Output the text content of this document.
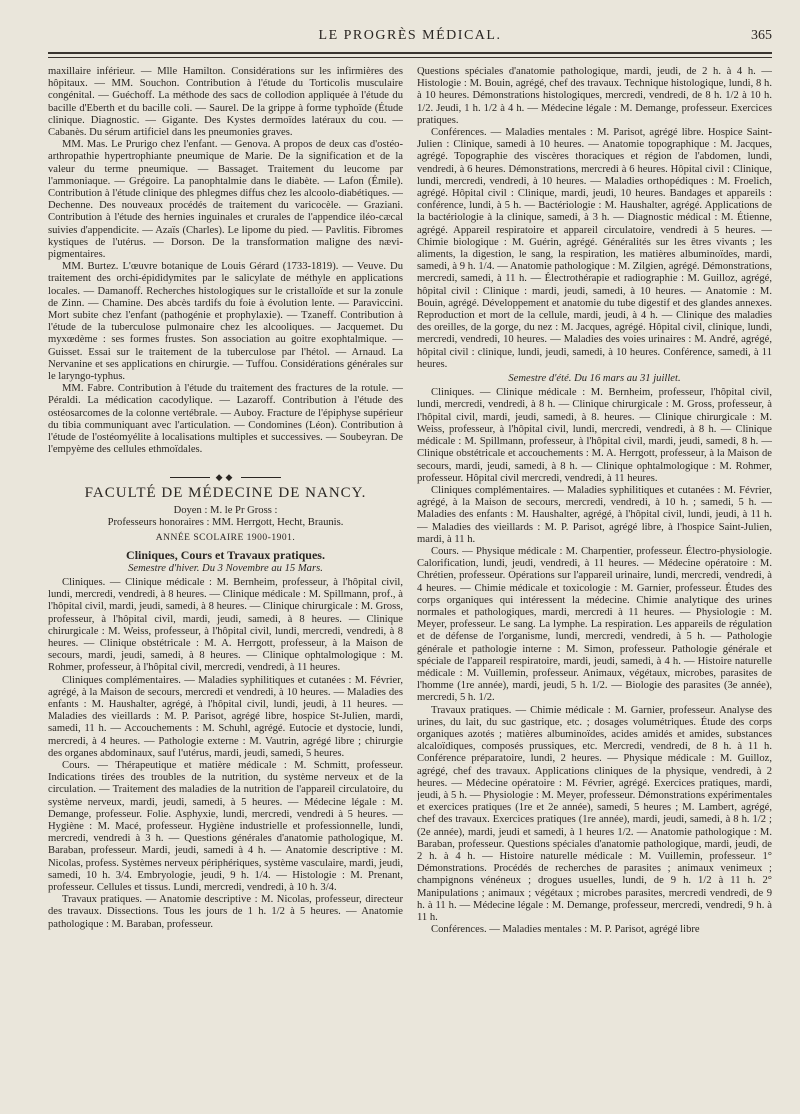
LE PROGRÈS MÉDICAL.	365

maxillaire inférieur. — Mlle Hamilton. Considérations sur les infirmières des hôpitaux. — MM. Souchon. Contribution à l'étude du Torticolis musculaire congénital. — Guéchoff. La méthode des sacs de collodion appliquée à l'étude du bacille d'Eberth et du bacille coli. — Saurel. De la grippe à forme typhoïde (Étude clinique. Diagnostic. — Gigante. Des Kystes dermoïdes latéraux du cou. — Cabanès. Du sérum artificiel dans les pneumonies graves.

MM. Mas. Le Prurigo chez l'enfant. — Genova. A propos de deux cas d'ostéo-arthropathie hypertrophiante pneumique de Marie. De la signification et de la valeur du terme pneumique. — Bassaget. Traitement du leucome par l'ammoniaque. — Grégoire. La panophtalmie dans le diabète. — Lafon (Émile). Contribution à l'étude clinique des phlegmes diffus chez les alcoolo-diabétiques. — Dechenne. Des nouveaux procédés de traitement du varicocèle. — Graziani. Contribution à l'étude des hernies inguinales et crurales de l'appendice iléo-cæcal suivies d'appendicite. — Azaïs (Charles). Le lipome du pied. — Pavlitis. Fibromes kystiques de l'utérus. — Dorson. De la transformation maligne des nævi-pigmentaires.

MM. Burtez. L'œuvre botanique de Louis Gérard (1733-1819). — Veuve. Du traitement des orchi-épididymites par le salicylate de méthyle en applications locales. — Damanoff. Recherches histologiques sur le cristalloïde et sur la zonule de Zinn. — Chamine. Des abcès tardifs du foie à évolution lente. — Paraviccini. Mort subite chez l'enfant (pathogénie et prophylaxie). — Tzaneff. Contribution à l'étude de la tuberculose pulmonaire chez les alcooliques. — Jacquemet. Du myxœdème : ses formes frustes. Son association au goitre exophtalmique. — Guisset. Essai sur le traitement de la tuberculose par l'hétol. — Arnaud. La Nervanine et ses applications en chirurgie. — Tuffou. Considérations générales sur le laryngo-typhus.

MM. Fabre. Contribution à l'étude du traitement des fractures de la rotule. — Péraldi. La médication cacodylique. — Lazaroff. Contribution à l'étude des ostéosarcomes de la colonne vertébrale. — Auboy. Fracture de l'épiphyse supérieur du tibia communiquant avec l'articulation. — Condomines (Léon). Contribution à l'étude de l'ostéomyélite à localisations multiples et successives. — Soubeyran. De l'empyème des cellules ethmoïdales.

◆◆
FACULTÉ DE MÉDECINE DE NANCY.
Doyen : M. le Pr Gross :
Professeurs honoraires : MM. Herrgott, Hecht, Braunis.
ANNÉE SCOLAIRE 1900-1901.
Cliniques, Cours et Travaux pratiques.
Semestre d'hiver. Du 3 Novembre au 15 Mars.

Cliniques. — Clinique médicale : M. Bernheim, professeur, à l'hôpital civil, lundi, mercredi, vendredi, à 8 heures. — Clinique médicale : M. Spillmann, prof., à l'hôpital civil, mardi, jeudi, samedi, à 8 heures. — Clinique chirurgicale : M. Gross, professeur, à l'hôpital civil, mardi, jeudi, samedi, à 8 heures. — Clinique chirurgicale : M. Weiss, professeur, à l'hôpital civil, lundi, mercredi, vendredi, à 8 heures. — Clinique obstétricale : M. A. Herrgott, professeur, à la Maison de secours, mardi, jeudi, samedi, à 8 heures. — Clinique ophtalmologique : M. Rohmer, professeur, à l'hôpital civil, mercredi, vendredi, à 11 heures.

Cliniques complémentaires. — Maladies syphilitiques et cutanées : M. Février, agrégé, à la Maison de secours, mercredi et vendredi, à 10 heures. — Maladies des enfants : M. Haushalter, agrégé, à l'hôpital civil, lundi, jeudi, à 11 heures. — Maladies des vieillards : M. P. Parisot, agrégé libre, hospice St-Julien, mardi, samedi, 11 h. — Accouchements : M. Schuhl, agrégé. Eutocie et dystocie, lundi, mercredi, à 4 heures. — Pathologie externe : M. Vautrin, agrégé libre ; chirurgie des organes abdominaux, sauf l'utérus, mardi, jeudi, samedi, 5 heures.

Cours. — Thérapeutique et matière médicale : M. Schmitt, professeur. Indications tirées des troubles de la nutrition, du système nerveux et de la circulation. — Traitement des maladies de la nutrition de l'appareil circulatoire, du système nerveux, mardi, jeudi, samedi, à 5 heures. — Médecine légale : M. Demange, professeur. Folie. Asphyxie, lundi, mercredi, vendredi à 5 heures. — Hygiène : M. Macé, professeur. Hygiène industrielle et professionnelle, lundi, mercredi, vendredi à 3 h. — Questions générales d'anatomie pathologique, M. Baraban, professeur. Mardi, jeudi, samedi à 4 h. — Anatomie descriptive : M. Nicolas, profess. Systèmes nerveux périphériques, système vasculaire, mardi, jeudi, samedi, 10 h. 3/4. Embryologie, jeudi, 9 h. 1/4. — Histologie : M. Prenant, professeur. Cellules et tissus. Lundi, mercredi, vendredi, à 10 h. 3/4.

Travaux pratiques. — Anatomie descriptive : M. Nicolas, professeur, directeur des travaux. Dissections. Tous les jours de 1 h. 1/2 à 5 heures. — Anatomie pathologique : M. Baraban, professeur.

Questions spéciales d'anatomie pathologique, mardi, jeudi, de 2 h. à 4 h. — Histologie : M. Bouin, agrégé, chef des travaux. Technique histologique, lundi, 8 h. à 10 heures. Démonstrations histologiques, mercredi, vendredi, de 8 h. 1/2 à 10 h. 1/2. Jeudi, 1 h. 1/2 à 4 h. — Médecine légale : M. Demange, professeur. Exercices pratiques.

Conférences. — Maladies mentales : M. Parisot, agrégé libre. Hospice Saint-Julien : Clinique, samedi à 10 heures. — Anatomie topographique : M. Jacques, agrégé. Topographie des viscères thoraciques et région de l'abdomen, lundi, vendredi, à 6 heures. Démonstrations, mercredi à 6 heures. Hôpital civil : Clinique, lundi, mercredi, vendredi, à 10 heures. — Maladies orthopédiques : M. Froelich, agrégé. Hôpital civil : Clinique, mardi, jeudi, 10 heures. Bandages et appareils : conférence, lundi, à 5 h. — Bactériologie : M. Haushalter, agrégé. Applications de la bactériologie à la clinique, samedi, à 3 h. — Diagnostic médical : M. Étienne, agrégé. Appareil respiratoire et appareil circulatoire, vendredi à 5 heures. — Chimie biologique : M. Guérin, agrégé. Généralités sur les êtres vivants ; les aliments, la digestion, le sang, la respiration, les matières albuminoïdes, mardi, samedi, à 9 h. 1/4. — Anatomie pathologique : M. Zilgien, agrégé. Démonstrations, mercredi, samedi, à 11 h. — Électrothérapie et radiographie : M. Guilloz, agrégé, hôpital civil : Clinique : mardi, jeudi, samedi, à 10 heures. — Anatomie : M. Bouin, agrégé. Développement et anatomie du tube digestif et des glandes annexes. Reproduction et mort de la cellule, mardi, jeudi, à 4 h. — Clinique des maladies des oreilles, de la gorge, du nez : M. Jacques, agrégé. Hôpital civil, clinique, lundi, mercredi, vendredi, 10 heures. — Maladies des voies urinaires : M. André, agrégé, hôpital civil : clinique, lundi, jeudi, samedi, à 10 heures. Conférence, samedi, à 11 heures.

Semestre d'été. Du 16 mars au 31 juillet.

Cliniques. — Clinique médicale : M. Bernheim, professeur, l'hôpital civil, lundi, mercredi, vendredi, à 8 h. — Clinique chirurgicale : M. Gross, professeur, à l'hôpital civil, mardi, jeudi, samedi, à 8. heures. — Clinique chirurgicale : M. Weiss, professeur, à l'hôpital civil, lundi, mercredi, vendredi, à 8 h. — Clinique médicale : M. Spillmann, professeur, à l'hôpital civil, mardi, jeudi, samedi, 8 h. — Clinique obstétricale et accouchements : M. A. Herrgott, professeur, à la Maison de secours, mardi, jeudi, samedi, à 8 h. — Clinique ophtalmologique : M. Rohmer, professeur. Hôpital civil mercredi, vendredi, à 11 heures.

Cliniques complémentaires. — Maladies syphilitiques et cutanées : M. Février, agrégé, à la Maison de secours, mercredi, vendredi, à 10 h. ; samedi, 5 h. — Maladies des enfants : M. Haushalter, agrégé, à l'hôpital civil, lundi, jeudi, à 11 h. — Maladies des vieillards : M. P. Parisot, agrégé libre, à l'hospice Saint-Julien, mardi, à 11 h.

Cours. — Physique médicale : M. Charpentier, professeur. Électro-physiologie. Calorification, lundi, jeudi, vendredi, à 11 heures. — Médecine opératoire : M. Chrétien, professeur. Opérations sur l'appareil urinaire, lundi, mercredi, vendredi, à 4 heures. — Chimie médicale et toxicologie : M. Garnier, professeur. Études des corps organiques qui intéressent la médecine. Chimie analytique des urines normales et pathologiques, mardi, mercredi à 11 heures. — Physiologie : M. Meyer, professeur. Le sang. La lymphe. La respiration. Les appareils de régulation et de défense de l'organisme, lundi, mercredi, vendredi, à 5 h. — Pathologie générale et pathologie interne : M. Simon, professeur. Pathologie générale et spéciale de l'appareil respiratoire, mardi, jeudi, samedi, à 4 h. — Histoire naturelle médicale : M. Vuillemin, professeur. Animaux, végétaux, microbes, parasites de l'homme (1re année), mardi, jeudi, 5 h. 1/2. — Biologie des parasites (3e année), mercredi, 5 h. 1/2.

Travaux pratiques. — Chimie médicale : M. Garnier, professeur. Analyse des urines, du lait, du suc gastrique, etc. ; dosages volumétriques. Étude des corps organiques azotés ; matières albuminoïdes, acides amidés et amides, substances alcaloïdiques, composés prussiques, etc. Mercredi, vendredi, de 8 h. à 11 h. Conférence préparatoire, lundi, 2 heures. — Physique médicale : M. Guilloz, agrégé, chef des travaux. Applications cliniques de la physique, vendredi, à 2 heures. — Médecine opératoire : M. Février, agrégé. Exercices pratiques, mardi, jeudi, à 5 h. — Physiologie : M. Meyer, professeur. Démonstrations expérimentales et exercices pratiques (1re et 2e année), samedi, 5 heures ; M. Lambert, agrégé, chef des travaux. Exercices pratiques (1re année), mardi, jeudi, samedi, à 8 h. 1/2 ; (2e année), mardi, jeudi et samedi, à 1 heures 1/2. — Anatomie pathologique : M. Baraban, professeur. Questions spéciales d'anatomie pathologique, mardi, jeudi, de 2 h. à 4 h. — Histoire naturelle médicale : M. Vuillemin, professeur. 1° Démonstrations. Procédés de recherches de parasites ; animaux venimeux ; champignons vénéneux ; drogues usuelles, lundi, de 9 h. 1/2 à 11 h. 2° Manipulations ; animaux ; végétaux ; microbes parasites, mercredi vendredi, de 9 h. à 11 h. — Médecine légale : M. Demange, professeur, mercredi, vendredi, 9 h. à 11 h.

Conférences. — Maladies mentales : M. P. Parisot, agrégé libre
